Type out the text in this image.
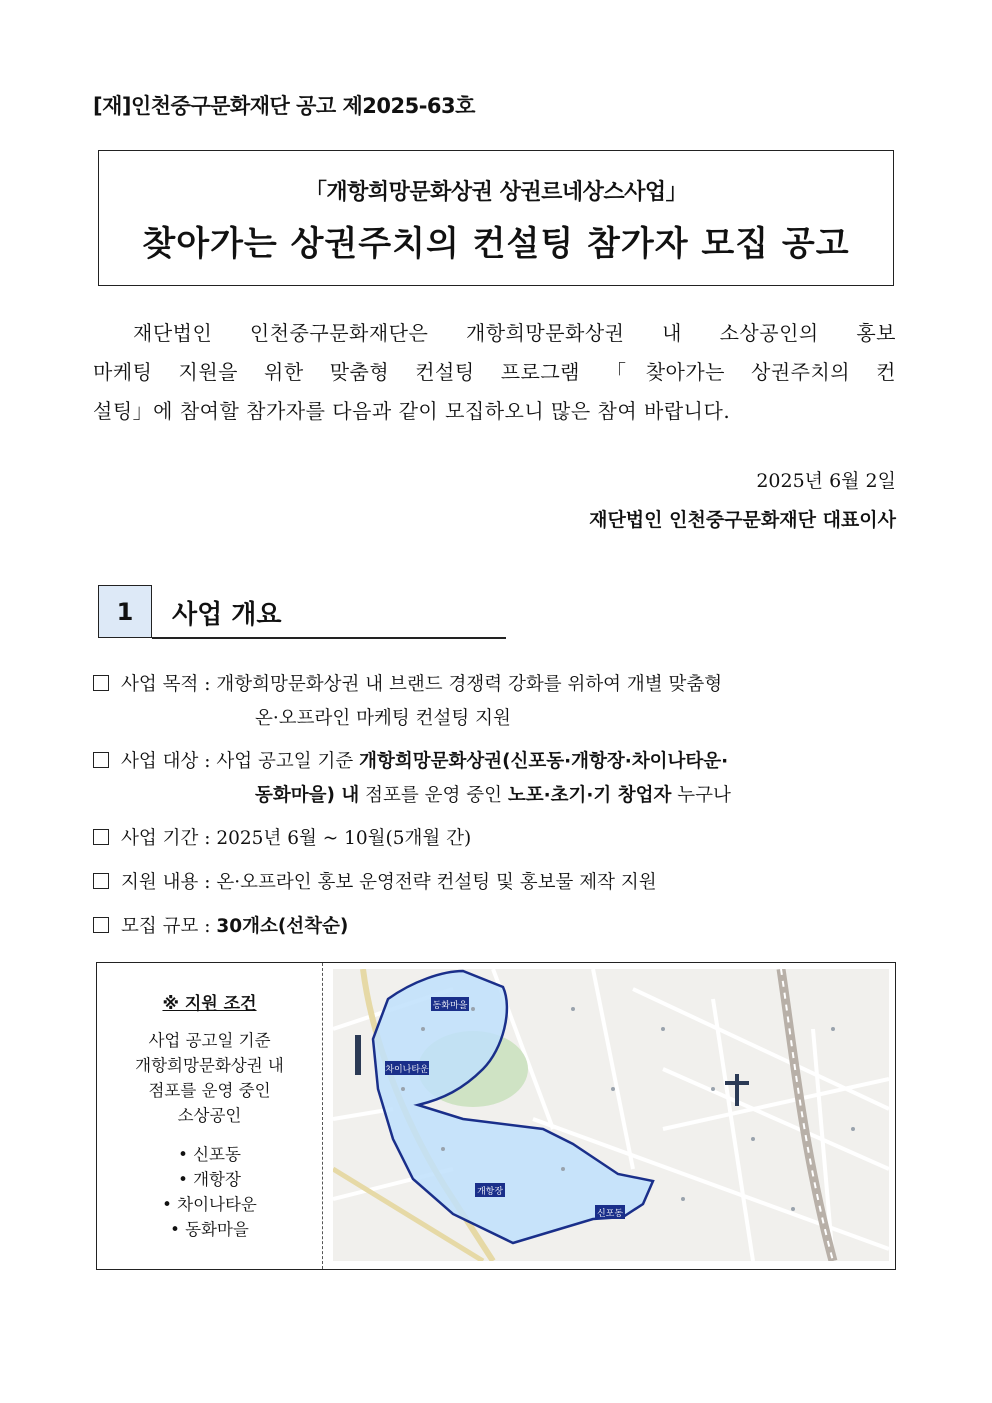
[재]인천중구문화재단 공고 제2025-63호
「개항희망문화상권 상권르네상스사업」
찾아가는 상권주치의 컨설팅 참가자 모집 공고
재단법인 인천중구문화재단은 개항희망문화상권 내 소상공인의 홍보
마케팅 지원을 위한 맞춤형 컨설팅 프로그램 「찾아가는 상권주치의 컨
설팅」에 참여할 참가자를 다음과 같이 모집하오니 많은 참여 바랍니다.
2025년 6월 2일
재단법인 인천중구문화재단 대표이사
1	사업 개요
사업 목적 : 개항희망문화상권 내 브랜드 경쟁력 강화를 위하여 개별 맞춤형
온·오프라인 마케팅 컨설팅 지원
사업 대상 : 사업 공고일 기준 개항희망문화상권(신포동·개항장·차이나타운·
동화마을) 내 점포를 운영 중인 노포·초기·기 창업자 누구나
사업 기간 : 2025년 6월 ~ 10월(5개월 간)
지원 내용 : 온·오프라인 홍보 운영전략 컨설팅 및 홍보물 제작 지원
모집 규모 : 30개소(선착순)
※ 지원 조건
사업 공고일 기준
개항희망문화상권 내
점포를 운영 중인
소상공인
• 신포동
• 개항장
• 차이나타운
• 동화마을
동화마을
차이나타운
개항장
신포동
